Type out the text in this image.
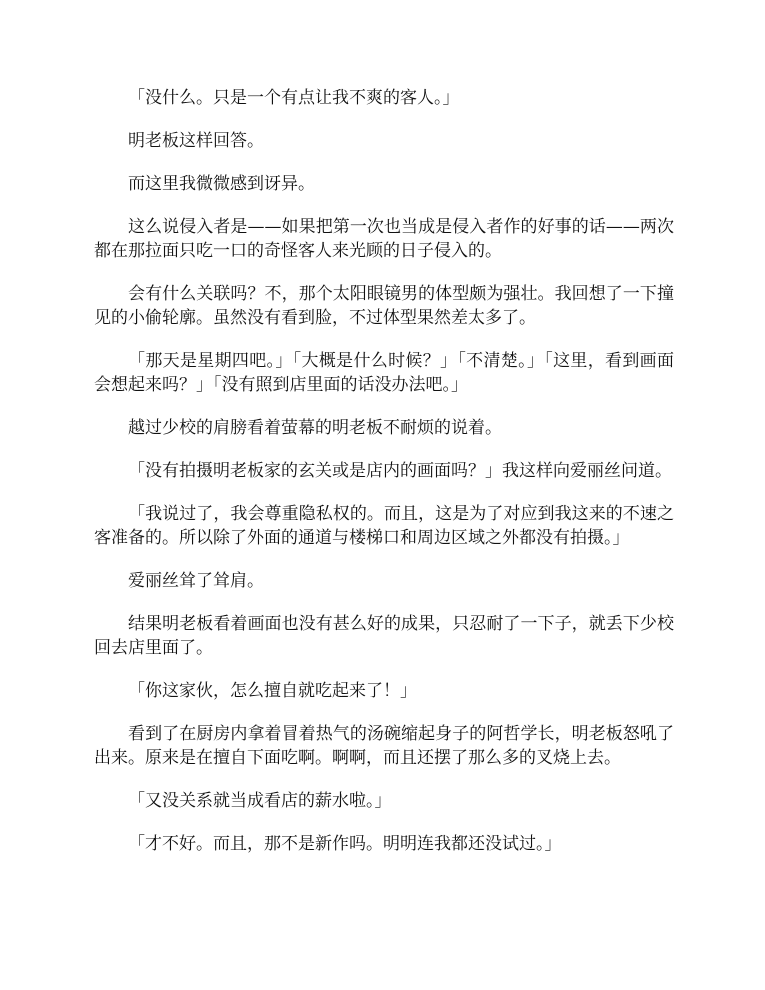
「没什么。只是一个有点让我不爽的客人。」

明老板这样回答。

而这里我微微感到讶异。

这么说侵入者是——如果把第一次也当成是侵入者作的好事的话——两次都在那拉面只吃一口的奇怪客人来光顾的日子侵入的。

会有什么关联吗？不，那个太阳眼镜男的体型颇为强壮。我回想了一下撞见的小偷轮廓。虽然没有看到脸，不过体型果然差太多了。

「那天是星期四吧。」「大概是什么时候？」「不清楚。」「这里，看到画面会想起来吗？」「没有照到店里面的话没办法吧。」

越过少校的肩膀看着萤幕的明老板不耐烦的说着。

「没有拍摄明老板家的玄关或是店内的画面吗？」我这样向爱丽丝问道。

「我说过了，我会尊重隐私权的。而且，这是为了对应到我这来的不速之客准备的。所以除了外面的通道与楼梯口和周边区域之外都没有拍摄。」

爱丽丝耸了耸肩。

结果明老板看着画面也没有甚么好的成果，只忍耐了一下子，就丢下少校回去店里面了。

「你这家伙，怎么擅自就吃起来了！」

看到了在厨房内拿着冒着热气的汤碗缩起身子的阿哲学长，明老板怒吼了出来。原来是在擅自下面吃啊。啊啊，而且还摆了那么多的叉烧上去。

「又没关系就当成看店的薪水啦。」

「才不好。而且，那不是新作吗。明明连我都还没试过。」
